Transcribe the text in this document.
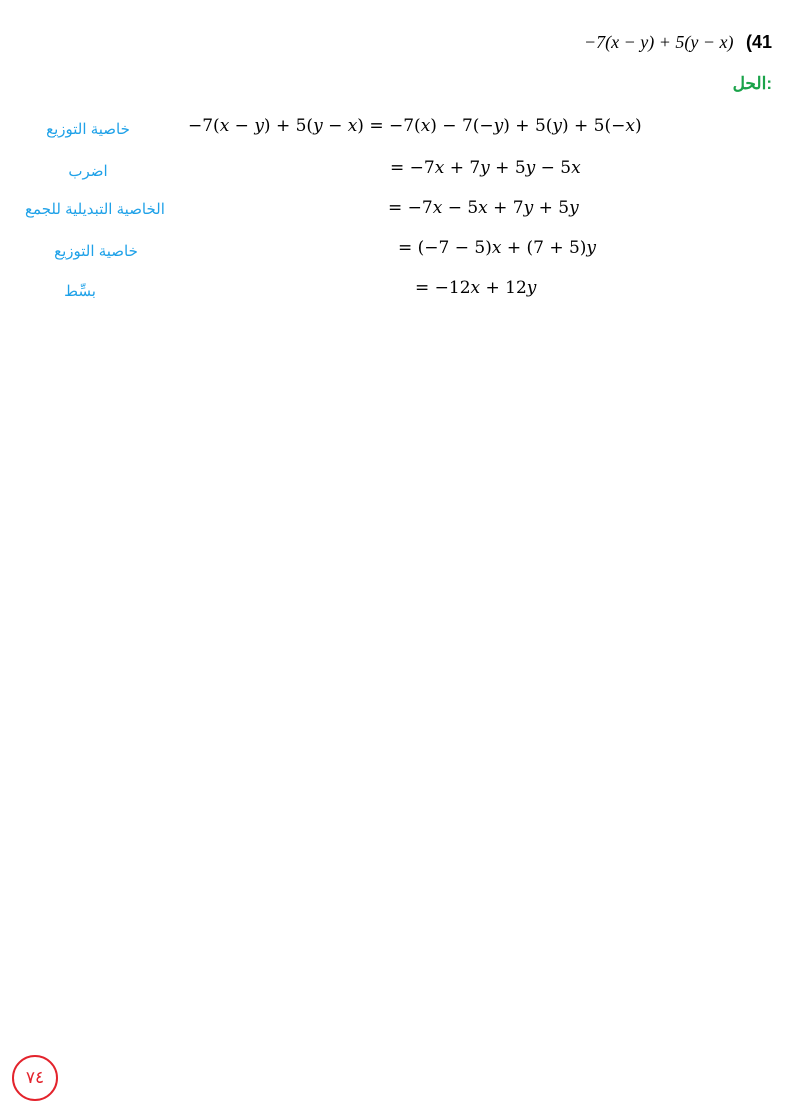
−7(x − y) + 5(y − x) (41
الحل:
−7(𝑥 − 𝑦) + 5(𝑦 − 𝑥) = −7(𝑥) − 7(−𝑦) + 5(𝑦) + 5(−𝑥)
خاصية التوزيع
= −7𝑥 + 7𝑦 + 5𝑦 − 5𝑥
اضرب
= −7𝑥 − 5𝑥 + 7𝑦 + 5𝑦
الخاصية التبديلية للجمع
= (−7 − 5)𝑥 + (7 + 5)𝑦
خاصية التوزيع
= −12𝑥 + 12𝑦
بسِّط
٧٤
